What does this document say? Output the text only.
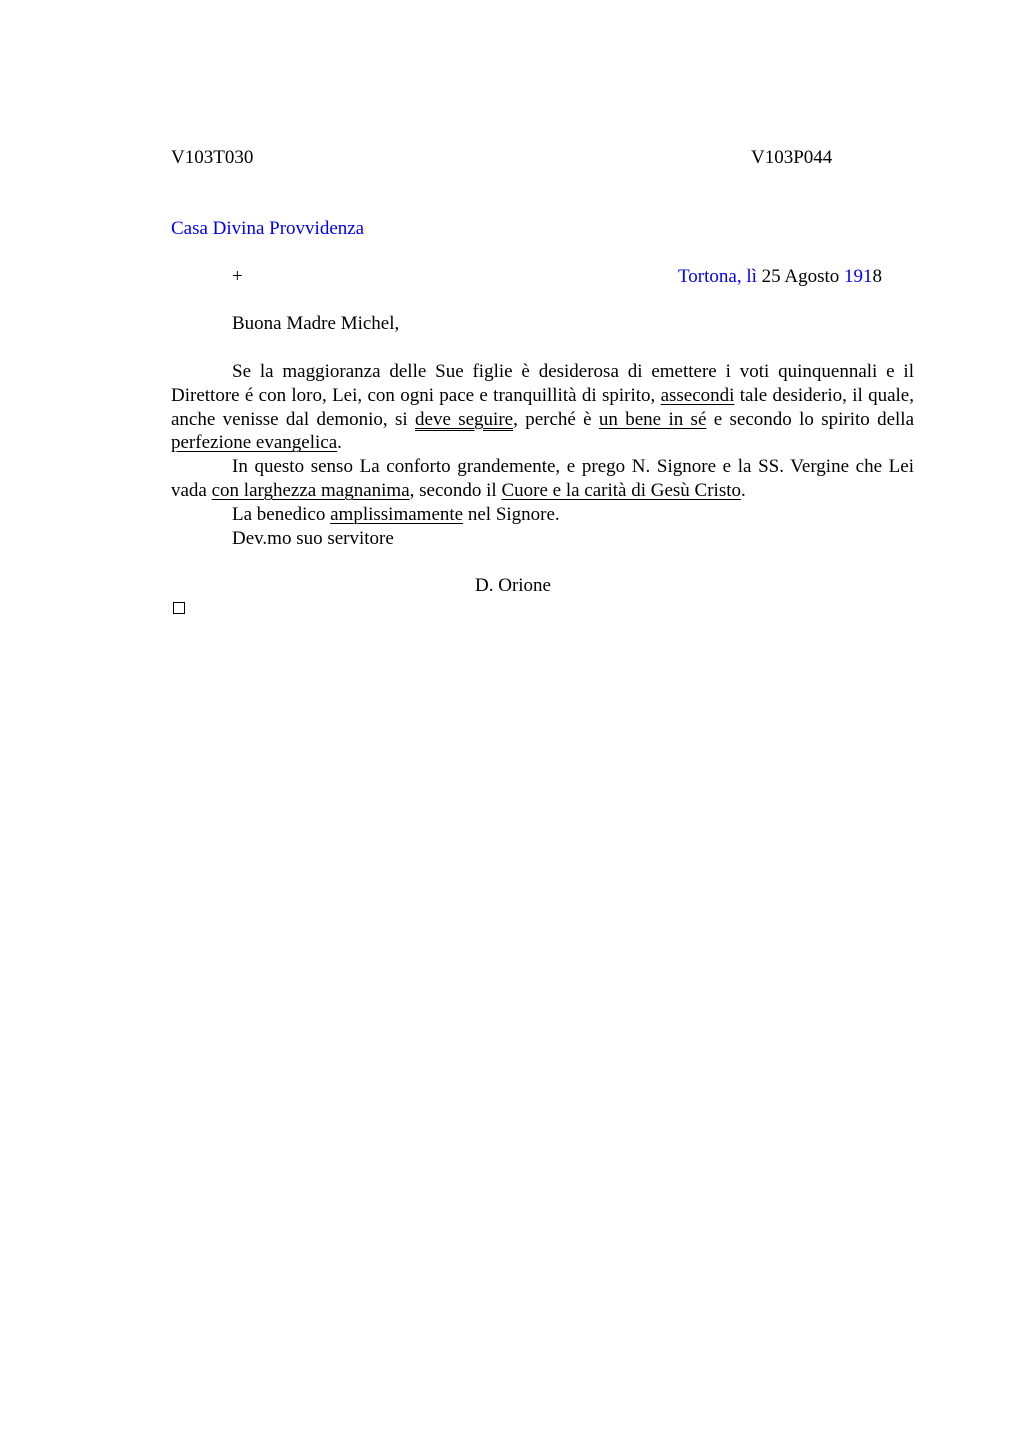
V103T030	V103P044
Casa Divina Provvidenza
+	Tortona, lì 25 Agosto 1918
Buona Madre Michel,

Se la maggioranza delle Sue figlie è desiderosa di emettere i voti quinquennali e il Direttore é con loro, Lei, con ogni pace e tranquillità di spirito, assecondi tale desiderio, il quale, anche venisse dal demonio, si deve seguire, perché è un bene in sé e secondo lo spirito della perfezione evangelica.

In questo senso La conforto grandemente, e prego N. Signore e la SS. Vergine che Lei vada con larghezza magnanima, secondo il Cuore e la carità di Gesù Cristo.

La benedico amplissimamente nel Signore.

Dev.mo suo servitore

D. Orione
